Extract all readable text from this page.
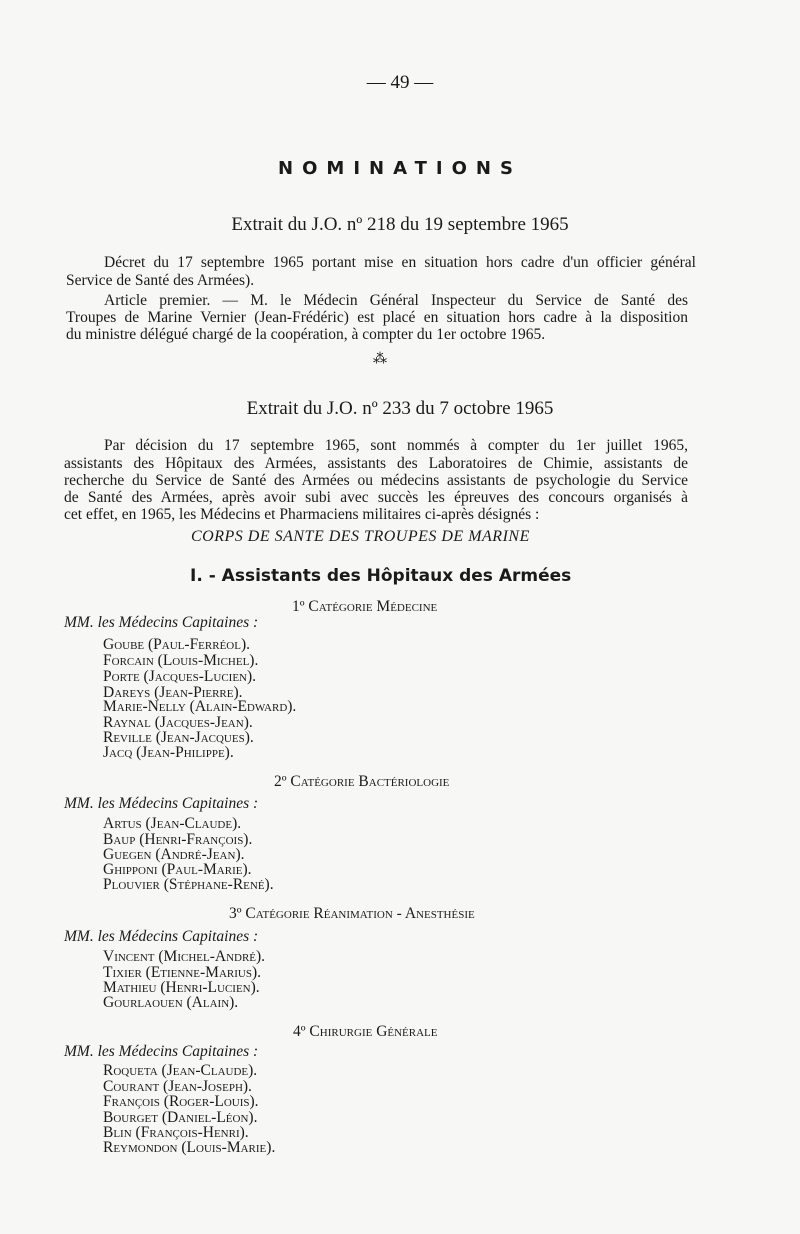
— 49 —
NOMINATIONS
Extrait du J.O. nº 218 du 19 septembre 1965
Décret du 17 septembre 1965 portant mise en situation hors cadre d'un officier général
Service de Santé des Armées).
Article premier. — M. le Médecin Général Inspecteur du Service de Santé des
Troupes de Marine Vernier (Jean-Frédéric) est placé en situation hors cadre à la disposition
du ministre délégué chargé de la coopération, à compter du 1er octobre 1965.
⁂
Extrait du J.O. nº 233 du 7 octobre 1965
Par décision du 17 septembre 1965, sont nommés à compter du 1er juillet 1965,
assistants des Hôpitaux des Armées, assistants des Laboratoires de Chimie, assistants de
recherche du Service de Santé des Armées ou médecins assistants de psychologie du Service
de Santé des Armées, après avoir subi avec succès les épreuves des concours organisés à
cet effet, en 1965, les Médecins et Pharmaciens militaires ci-après désignés :
CORPS DE SANTE DES TROUPES DE MARINE
I. - Assistants des Hôpitaux des Armées
1º Catégorie Médecine
MM. les Médecins Capitaines :
Goube (Paul-Ferréol).
Forcain (Louis-Michel).
Porte (Jacques-Lucien).
Dareys (Jean-Pierre).
Marie-Nelly (Alain-Edward).
Raynal (Jacques-Jean).
Reville (Jean-Jacques).
Jacq (Jean-Philippe).
2º Catégorie Bactériologie
MM. les Médecins Capitaines :
Artus (Jean-Claude).
Baup (Henri-François).
Guegen (André-Jean).
Ghipponi (Paul-Marie).
Plouvier (Stéphane-René).
3º Catégorie Réanimation - Anesthésie
MM. les Médecins Capitaines :
Vincent (Michel-André).
Tixier (Etienne-Marius).
Mathieu (Henri-Lucien).
Gourlaouen (Alain).
4º Chirurgie Générale
MM. les Médecins Capitaines :
Roqueta (Jean-Claude).
Courant (Jean-Joseph).
François (Roger-Louis).
Bourget (Daniel-Léon).
Blin (François-Henri).
Reymondon (Louis-Marie).
